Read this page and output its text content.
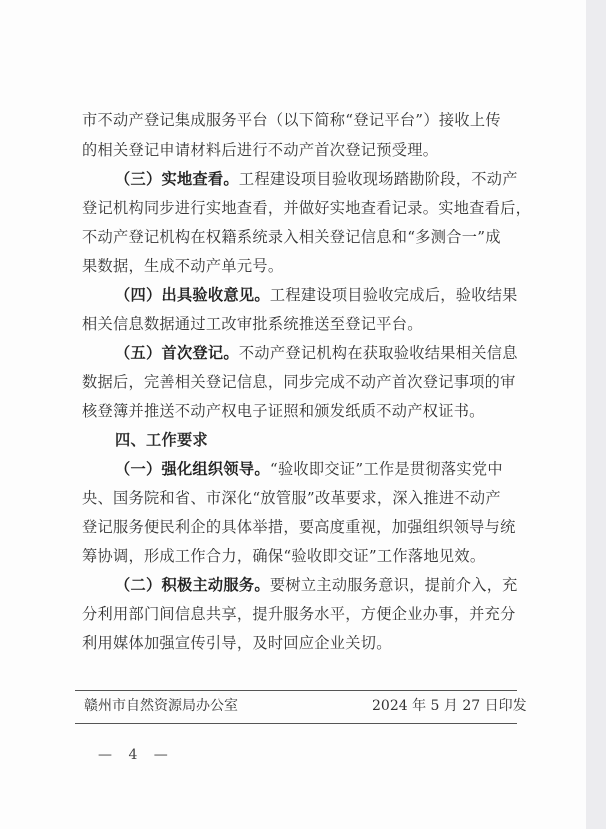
市不动产登记集成服务平台（以下简称“登记平台”）接收上传
的相关登记申请材料后进行不动产首次登记预受理。
（三）实地查看。工程建设项目验收现场踏勘阶段，不动产
登记机构同步进行实地查看，并做好实地查看记录。实地查看后，
不动产登记机构在权籍系统录入相关登记信息和“多测合一”成
果数据，生成不动产单元号。
（四）出具验收意见。工程建设项目验收完成后，验收结果
相关信息数据通过工改审批系统推送至登记平台。
（五）首次登记。不动产登记机构在获取验收结果相关信息
数据后，完善相关登记信息，同步完成不动产首次登记事项的审
核登簿并推送不动产权电子证照和颁发纸质不动产权证书。
四、工作要求
（一）强化组织领导。“验收即交证”工作是贯彻落实党中
央、国务院和省、市深化“放管服”改革要求，深入推进不动产
登记服务便民利企的具体举措，要高度重视，加强组织领导与统
筹协调，形成工作合力，确保“验收即交证”工作落地见效。
（二）积极主动服务。要树立主动服务意识，提前介入，充
分利用部门间信息共享，提升服务水平，方便企业办事，并充分
利用媒体加强宣传引导，及时回应企业关切。
赣州市自然资源局办公室	2024 年 5 月 27 日印发
— 4 —
